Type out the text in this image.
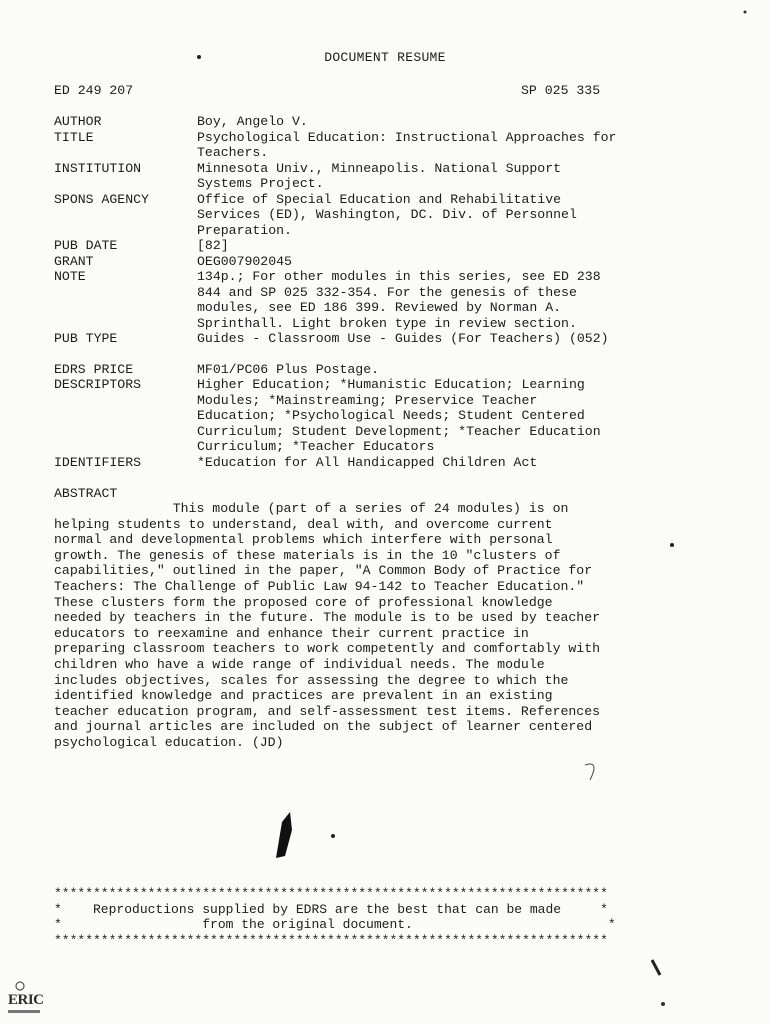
DOCUMENT RESUME
ED 249 207	SP 025 335
AUTHOR	Boy, Angelo V.
TITLE	Psychological Education: Instructional Approaches for
Teachers.
INSTITUTION	Minnesota Univ., Minneapolis. National Support
Systems Project.
SPONS AGENCY	Office of Special Education and Rehabilitative
Services (ED), Washington, DC. Div. of Personnel
Preparation.
PUB DATE	[82]
GRANT	OEG007902045
NOTE	134p.; For other modules in this series, see ED 238
844 and SP 025 332-354. For the genesis of these
modules, see ED 186 399. Reviewed by Norman A.
Sprinthall. Light broken type in review section.
PUB TYPE	Guides - Classroom Use - Guides (For Teachers) (052)
EDRS PRICE	MF01/PC06 Plus Postage.
DESCRIPTORS	Higher Education; *Humanistic Education; Learning
Modules; *Mainstreaming; Preservice Teacher
Education; *Psychological Needs; Student Centered
Curriculum; Student Development; *Teacher Education
Curriculum; *Teacher Educators
IDENTIFIERS	*Education for All Handicapped Children Act
ABSTRACT
This module (part of a series of 24 modules) is on
helping students to understand, deal with, and overcome current
normal and developmental problems which interfere with personal
growth. The genesis of these materials is in the 10 "clusters of
capabilities," outlined in the paper, "A Common Body of Practice for
Teachers: The Challenge of Public Law 94-142 to Teacher Education."
These clusters form the proposed core of professional knowledge
needed by teachers in the future. The module is to be used by teacher
educators to reexamine and enhance their current practice in
preparing classroom teachers to work competently and comfortably with
children who have a wide range of individual needs. The module
includes objectives, scales for assessing the degree to which the
identified knowledge and practices are prevalent in an existing
teacher education program, and self-assessment test items. References
and journal articles are included on the subject of learner centered
psychological education. (JD)
***********************************************************************
*    Reproductions supplied by EDRS are the best that can be made     *
*                  from the original document.                         *
***********************************************************************
ERIC
